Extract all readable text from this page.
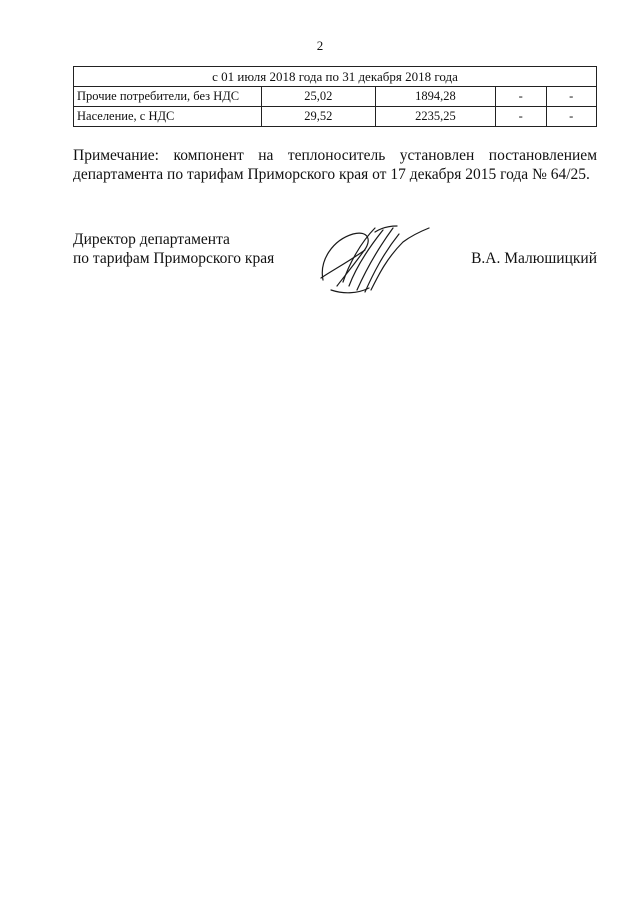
2
с 01 июля 2018 года по 31 декабря 2018 года				
Прочие потребители, без НДС	25,02	1894,28	-	-
Население, с НДС	29,52	2235,25	-	-
Примечание: компонент на теплоноситель установлен постановлением департамента по тарифам Приморского края от 17 декабря 2015 года № 64/25.
Директор департамента
по тарифам Приморского края	В.А. Малюшицкий
